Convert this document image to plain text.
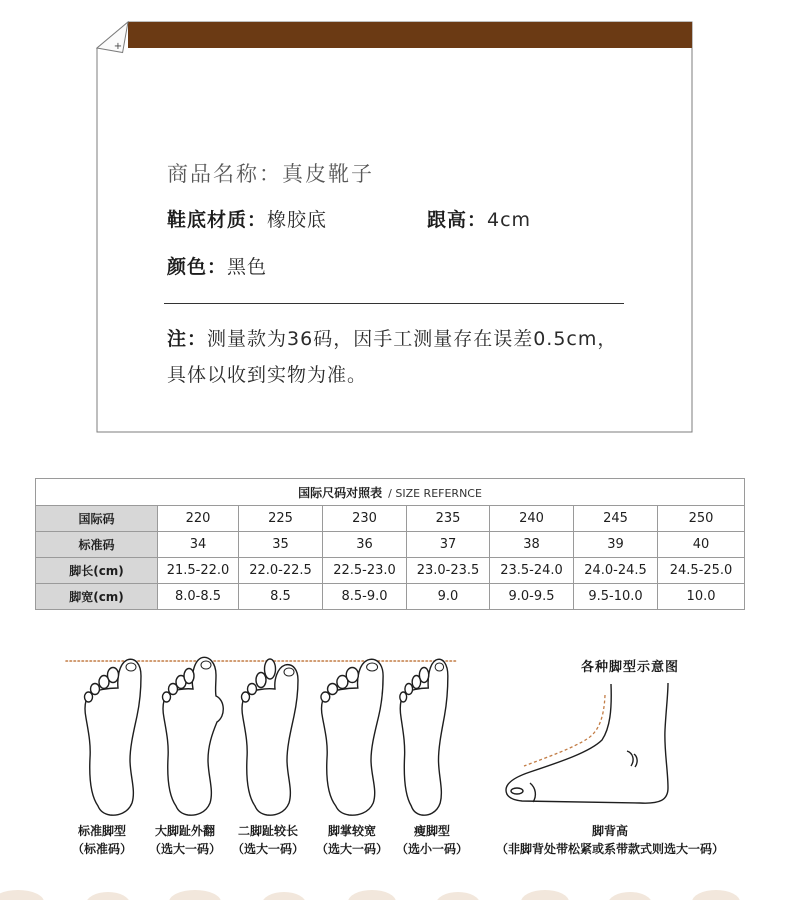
+
商品名称：真皮靴子
鞋底材质：橡胶底	跟高：4cm
颜色：黑色
注：测量款为36码，因手工测量存在误差0.5cm，
具体以收到实物为准。
国际尺码对照表 / SIZE REFERNCE							
国际码	220	225	230	235	240	245	250
标准码	34	35	36	37	38	39	40
脚长(cm)	21.5-22.0	22.0-22.5	22.5-23.0	23.0-23.5	23.5-24.0	24.0-24.5	24.5-25.0
脚宽(cm)	8.0-8.5	8.5	8.5-9.0	9.0	9.0-9.5	9.5-10.0	10.0
标准脚型
（标准码）
大脚趾外翻
（选大一码）
二脚趾较长
（选大一码）
脚掌较宽
（选大一码）
瘦脚型
（选小一码）
各种脚型示意图
脚背高
（非脚背处带松紧或系带款式则选大一码）
